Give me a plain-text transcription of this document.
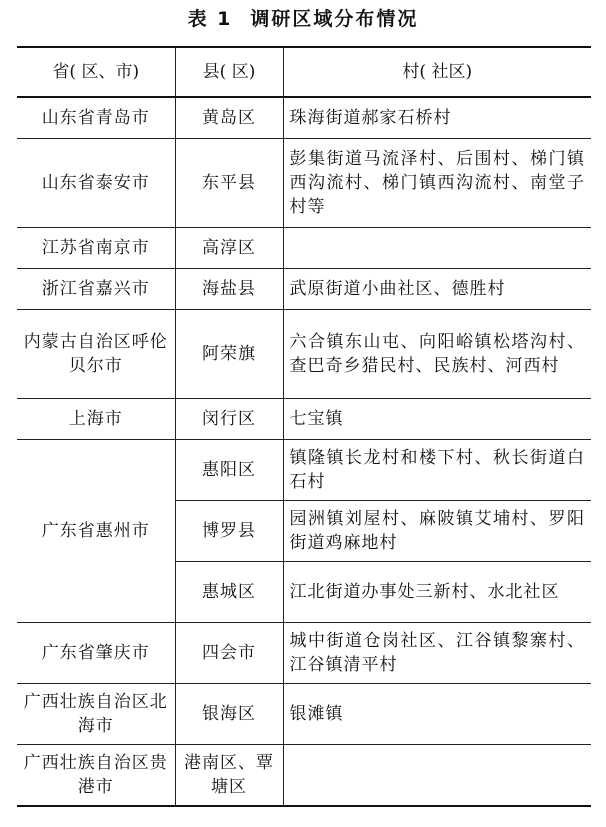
表 1 调研区域分布情况
省( 区、市)	县( 区)	村( 社区)
山东省青岛市	黄岛区	珠海街道郝家石桥村
山东省泰安市	东平县	彭集街道马流泽村、后围村、梯门镇西沟流村、梯门镇西沟流村、南堂子村等
江苏省南京市	高淳区	
浙江省嘉兴市	海盐县	武原街道小曲社区、德胜村
内蒙古自治区呼伦贝尔市	阿荣旗	六合镇东山屯、向阳峪镇松塔沟村、查巴奇乡猎民村、民族村、河西村
上海市	闵行区	七宝镇
广东省惠州市	惠阳区	镇隆镇长龙村和楼下村、秋长街道白石村
	博罗县	园洲镇刘屋村、麻陂镇艾埔村、罗阳街道鸡麻地村
	惠城区	江北街道办事处三新村、水北社区
广东省肇庆市	四会市	城中街道仓岗社区、江谷镇黎寨村、江谷镇清平村
广西壮族自治区北海市	银海区	银滩镇
广西壮族自治区贵港市	港南区、覃塘区	
